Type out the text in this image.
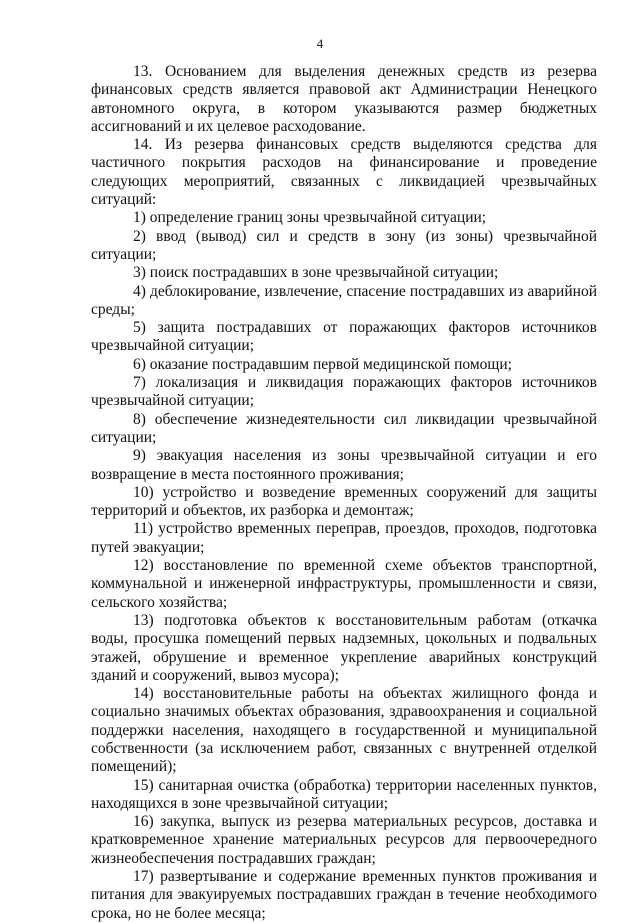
4

13. Основанием для выделения денежных средств из резерва финансовых средств является правовой акт Администрации Ненецкого автономного округа, в котором указываются размер бюджетных ассигнований и их целевое расходование.

14. Из резерва финансовых средств выделяются средства для частичного покрытия расходов на финансирование и проведение следующих мероприятий, связанных с ликвидацией чрезвычайных ситуаций:

1) определение границ зоны чрезвычайной ситуации;

2) ввод (вывод) сил и средств в зону (из зоны) чрезвычайной ситуации;

3) поиск пострадавших в зоне чрезвычайной ситуации;

4) деблокирование, извлечение, спасение пострадавших из аварийной среды;

5) защита пострадавших от поражающих факторов источников чрезвычайной ситуации;

6) оказание пострадавшим первой медицинской помощи;

7) локализация и ликвидация поражающих факторов источников чрезвычайной ситуации;

8) обеспечение жизнедеятельности сил ликвидации чрезвычайной ситуации;

9) эвакуация населения из зоны чрезвычайной ситуации и его возвращение в места постоянного проживания;

10) устройство и возведение временных сооружений для защиты территорий и объектов, их разборка и демонтаж;

11) устройство временных переправ, проездов, проходов, подготовка путей эвакуации;

12) восстановление по временной схеме объектов транспортной, коммунальной и инженерной инфраструктуры, промышленности и связи, сельского хозяйства;

13) подготовка объектов к восстановительным работам (откачка воды, просушка помещений первых надземных, цокольных и подвальных этажей, обрушение и временное укрепление аварийных конструкций зданий и сооружений, вывоз мусора);

14) восстановительные работы на объектах жилищного фонда и социально значимых объектах образования, здравоохранения и социальной поддержки населения, находящего в государственной и муниципальной собственности (за исключением работ, связанных с внутренней отделкой помещений);

15) санитарная очистка (обработка) территории населенных пунктов, находящихся в зоне чрезвычайной ситуации;

16) закупка, выпуск из резерва материальных ресурсов, доставка и кратковременное хранение материальных ресурсов для первоочередного жизнеобеспечения пострадавших граждан;

17) развертывание и содержание временных пунктов проживания и питания для эвакуируемых пострадавших граждан в течение необходимого срока, но не более месяца;
